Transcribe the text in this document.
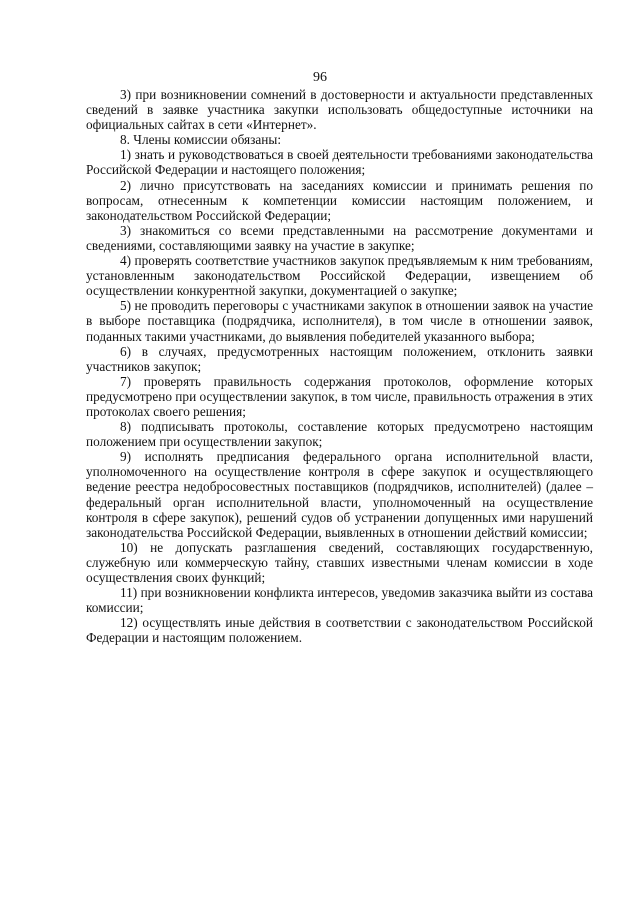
96

3) при возникновении сомнений в достоверности и актуальности представленных сведений в заявке участника закупки использовать общедоступные источники на официальных сайтах в сети «Интернет».

8. Члены комиссии обязаны:

1) знать и руководствоваться в своей деятельности требованиями законодательства Российской Федерации и настоящего положения;

2) лично присутствовать на заседаниях комиссии и принимать решения по вопросам, отнесенным к компетенции комиссии настоящим положением, и законодательством Российской Федерации;

3) знакомиться со всеми представленными на рассмотрение документами и сведениями, составляющими заявку на участие в закупке;

4) проверять соответствие участников закупок предъявляемым к ним требованиям, установленным законодательством Российской Федерации, извещением об осуществлении конкурентной закупки, документацией о закупке;

5) не проводить переговоры с участниками закупок в отношении заявок на участие в выборе поставщика (подрядчика, исполнителя), в том числе в отношении заявок, поданных такими участниками, до выявления победителей указанного выбора;

6) в случаях, предусмотренных настоящим положением, отклонить заявки участников закупок;

7) проверять правильность содержания протоколов, оформление которых предусмотрено при осуществлении закупок, в том числе, правильность отражения в этих протоколах своего решения;

8) подписывать протоколы, составление которых предусмотрено настоящим положением при осуществлении закупок;

9) исполнять предписания федерального органа исполнительной власти, уполномоченного на осуществление контроля в сфере закупок и осуществляющего ведение реестра недобросовестных поставщиков (подрядчиков, исполнителей) (далее – федеральный орган исполнительной власти, уполномоченный на осуществление контроля в сфере закупок), решений судов об устранении допущенных ими нарушений законодательства Российской Федерации, выявленных в отношении действий комиссии;

10) не допускать разглашения сведений, составляющих государственную, служебную или коммерческую тайну, ставших известными членам комиссии в ходе осуществления своих функций;

11) при возникновении конфликта интересов, уведомив заказчика выйти из состава комиссии;

12) осуществлять иные действия в соответствии с законодательством Российской Федерации и настоящим положением.
